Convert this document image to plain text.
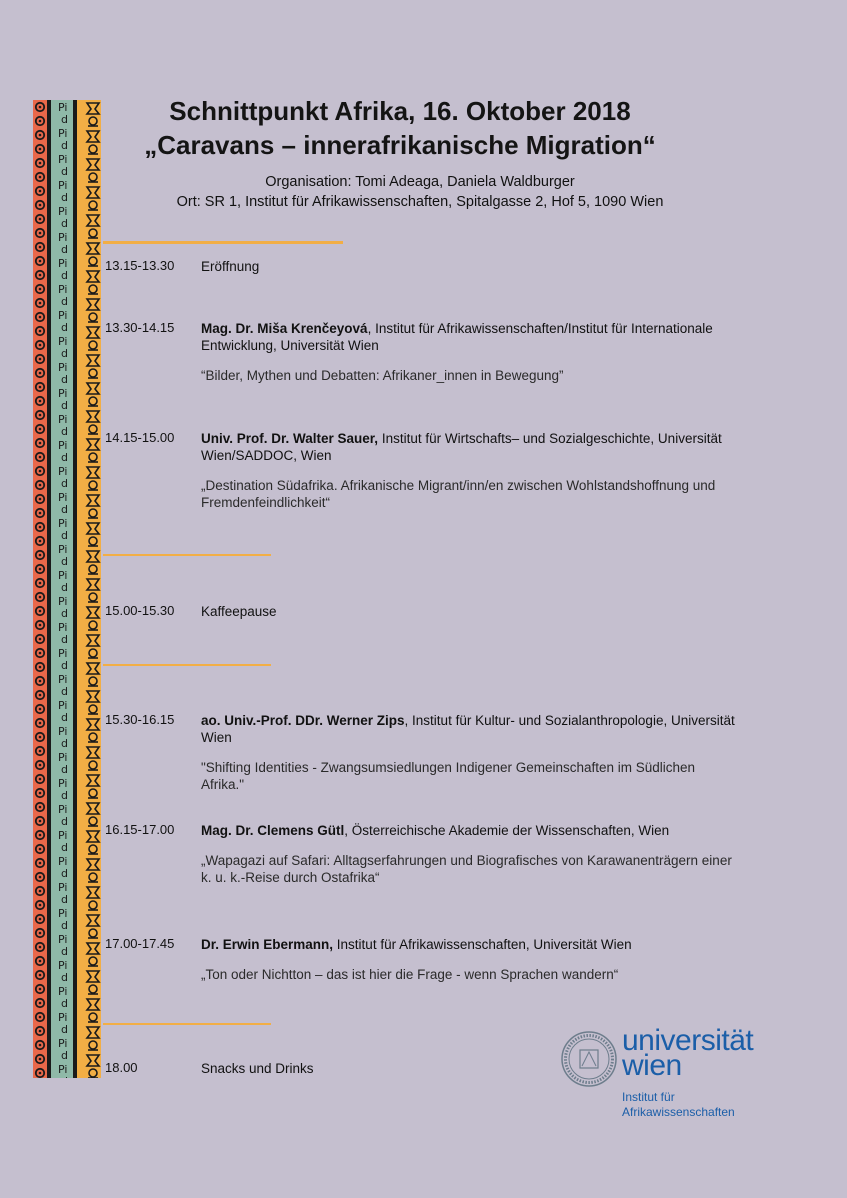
Schnittpunkt Afrika, 16. Oktober 2018
„Caravans – innerafrikanische Migration“
Organisation: Tomi Adeaga, Daniela Waldburger
Ort: SR 1, Institut für Afrikawissenschaften, Spitalgasse 2, Hof 5, 1090 Wien
13.15-13.30	Eröffnung
13.30-14.15	Mag. Dr. Miša Krenčeyová, Institut für Afrikawissenschaften/Institut für Internationale Entwicklung, Universität Wien
“Bilder, Mythen und Debatten: Afrikaner_innen in Bewegung”
14.15-15.00	Univ. Prof. Dr. Walter Sauer, Institut für Wirtschafts– und Sozialgeschichte, Universität Wien/SADDOC, Wien
„Destination Südafrika. Afrikanische Migrant/inn/en zwischen Wohlstandshoffnung und Fremdenfeindlichkeit“
15.00-15.30	Kaffeepause
15.30-16.15	ao. Univ.-Prof. DDr. Werner Zips, Institut für Kultur- und Sozialanthropologie, Universität Wien
"Shifting Identities - Zwangsumsiedlungen Indigener Gemeinschaften im Südlichen Afrika."
16.15-17.00	Mag. Dr. Clemens Gütl, Österreichische Akademie der Wissenschaften, Wien
„Wapagazi auf Safari: Alltagserfahrungen und Biografisches von Karawanenträgern einer k. u. k.-Reise durch Ostafrika“
17.00-17.45	Dr. Erwin Ebermann, Institut für Afrikawissenschaften, Universität Wien
„Ton oder Nichtton – das ist hier die Frage - wenn Sprachen wandern“
18.00	Snacks und Drinks
universität
wien
Institut für
Afrikawissenschaften
